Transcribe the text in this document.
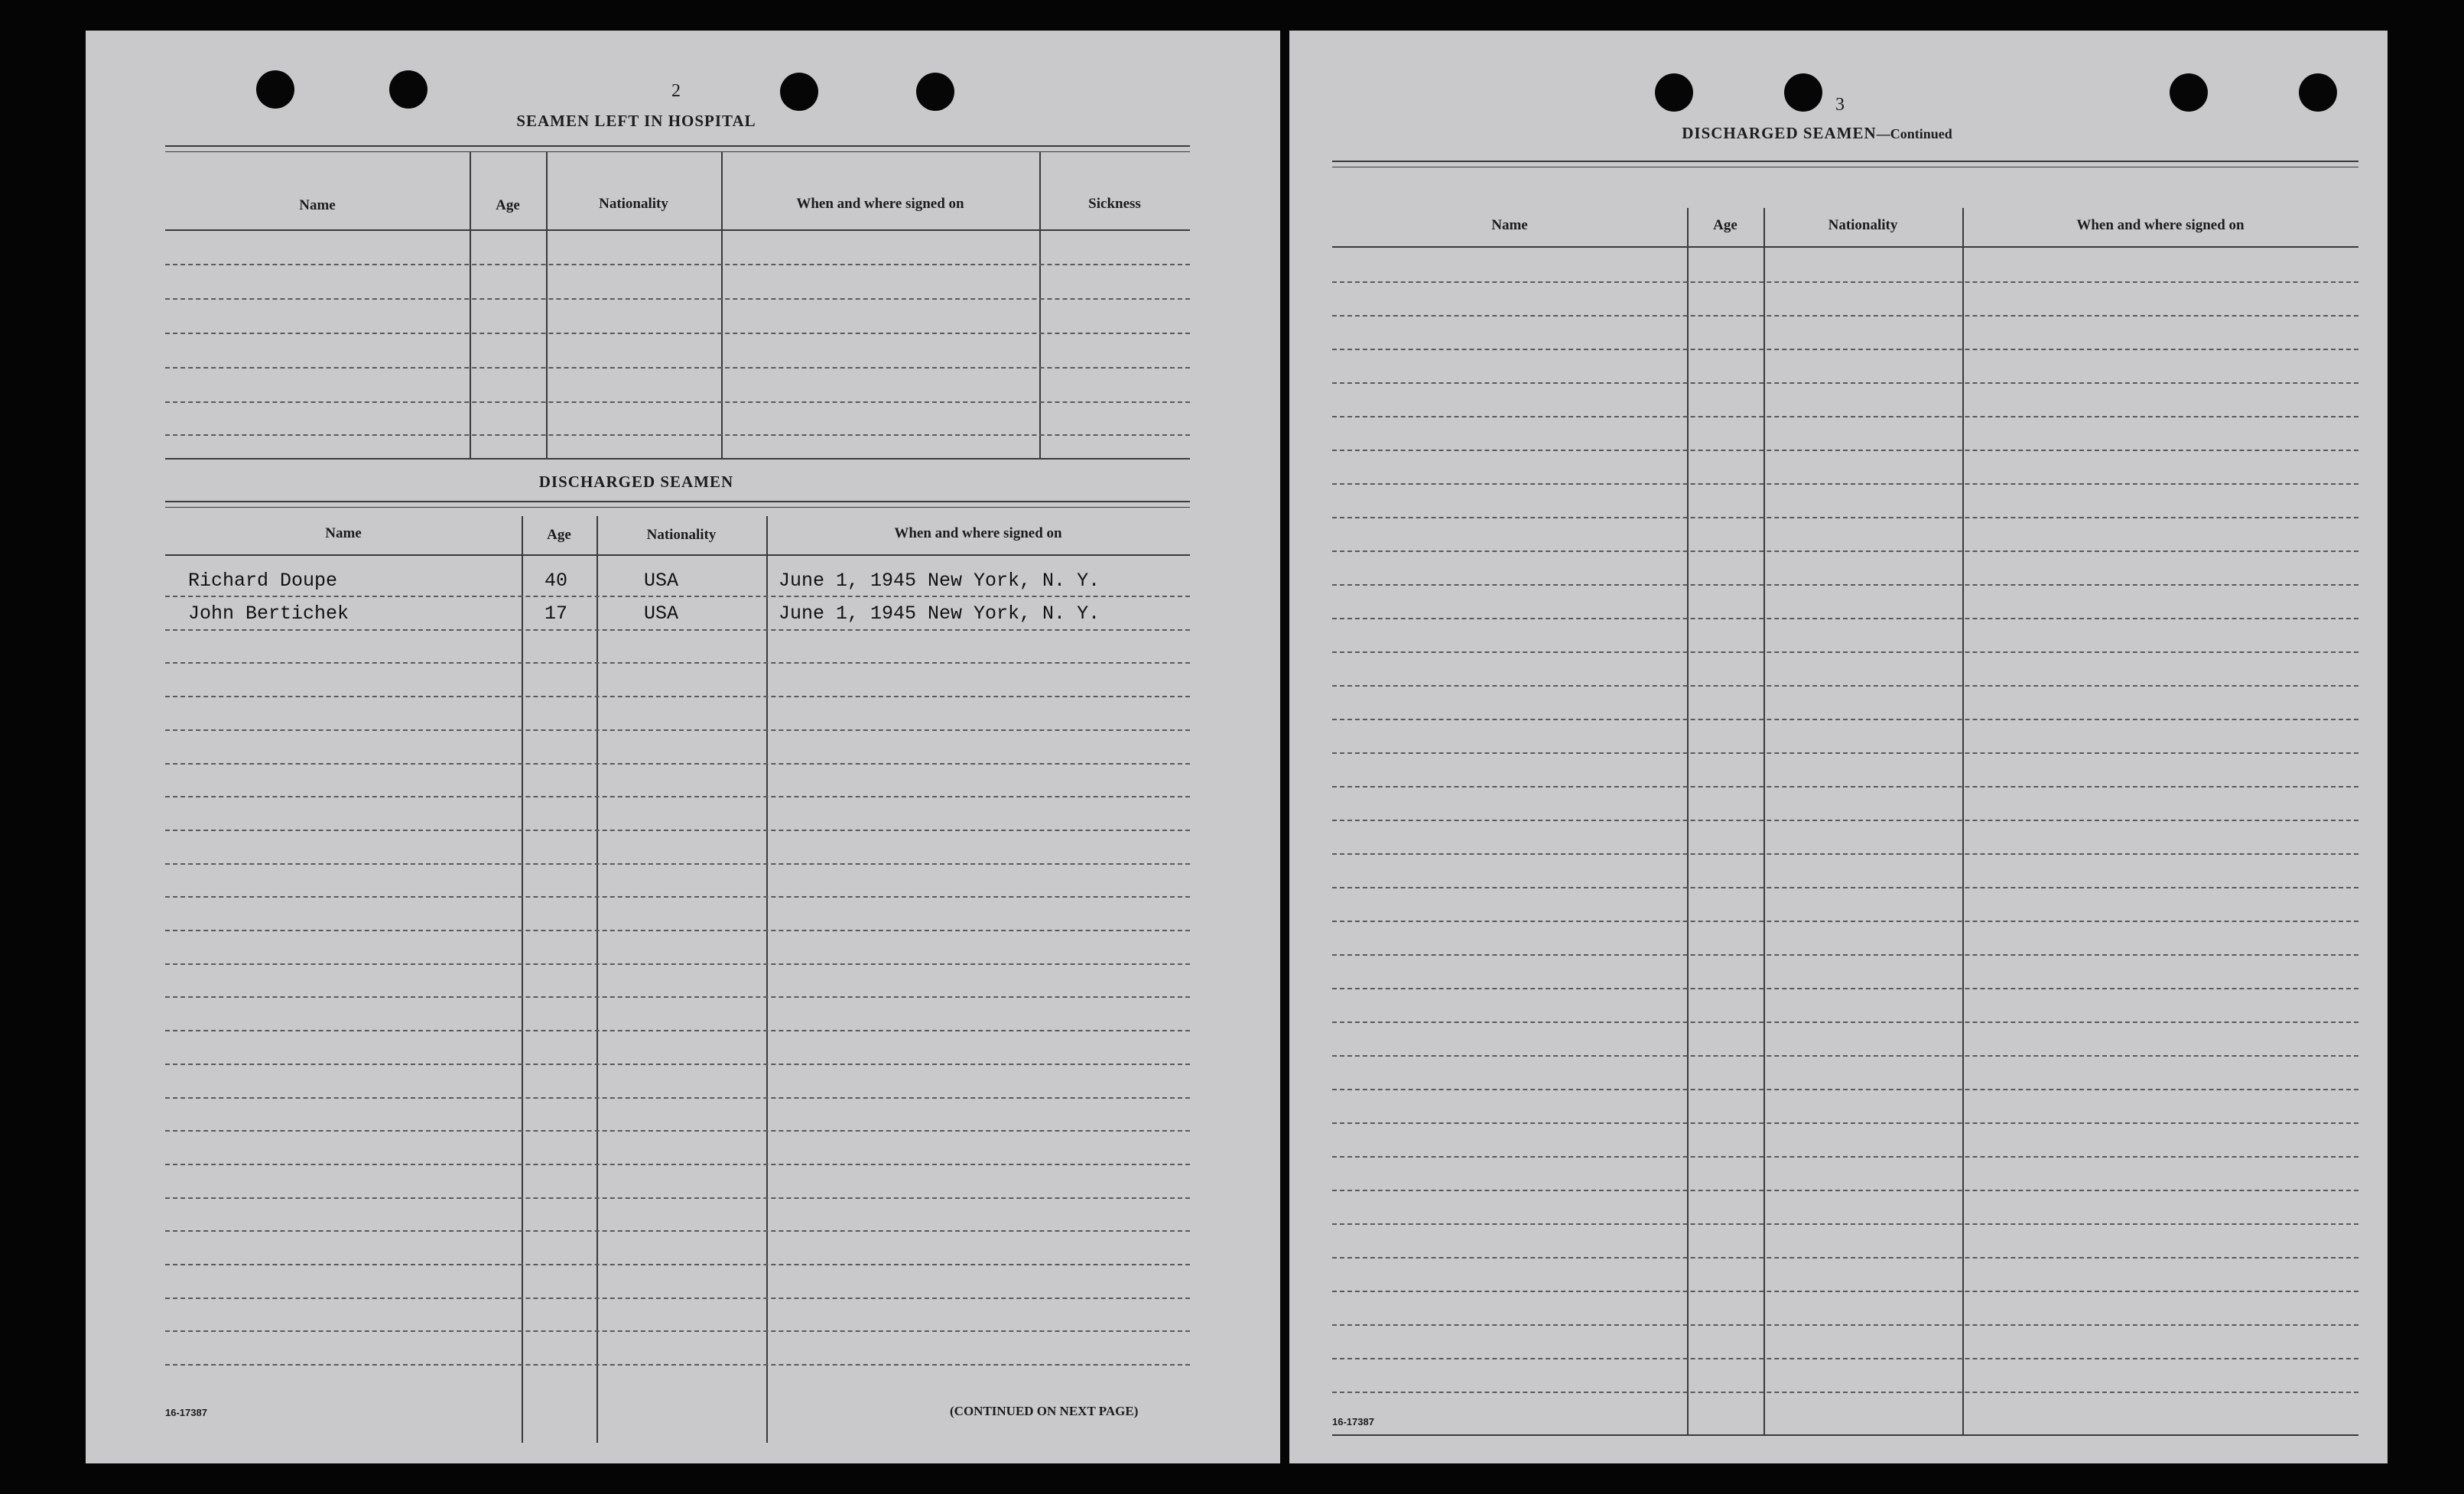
2
SEAMEN LEFT IN HOSPITAL
Name	Age	Nationality	When and where signed on	Sickness
DISCHARGED SEAMEN
Name	Age	Nationality	When and where signed on
Richard Doupe	40	USA	June 1, 1945 New York, N. Y.
John Bertichek	17	USA	June 1, 1945 New York, N. Y.
16-17387	(CONTINUED ON NEXT PAGE)
3
DISCHARGED SEAMEN—Continued
Name	Age	Nationality	When and where signed on
16-17387
